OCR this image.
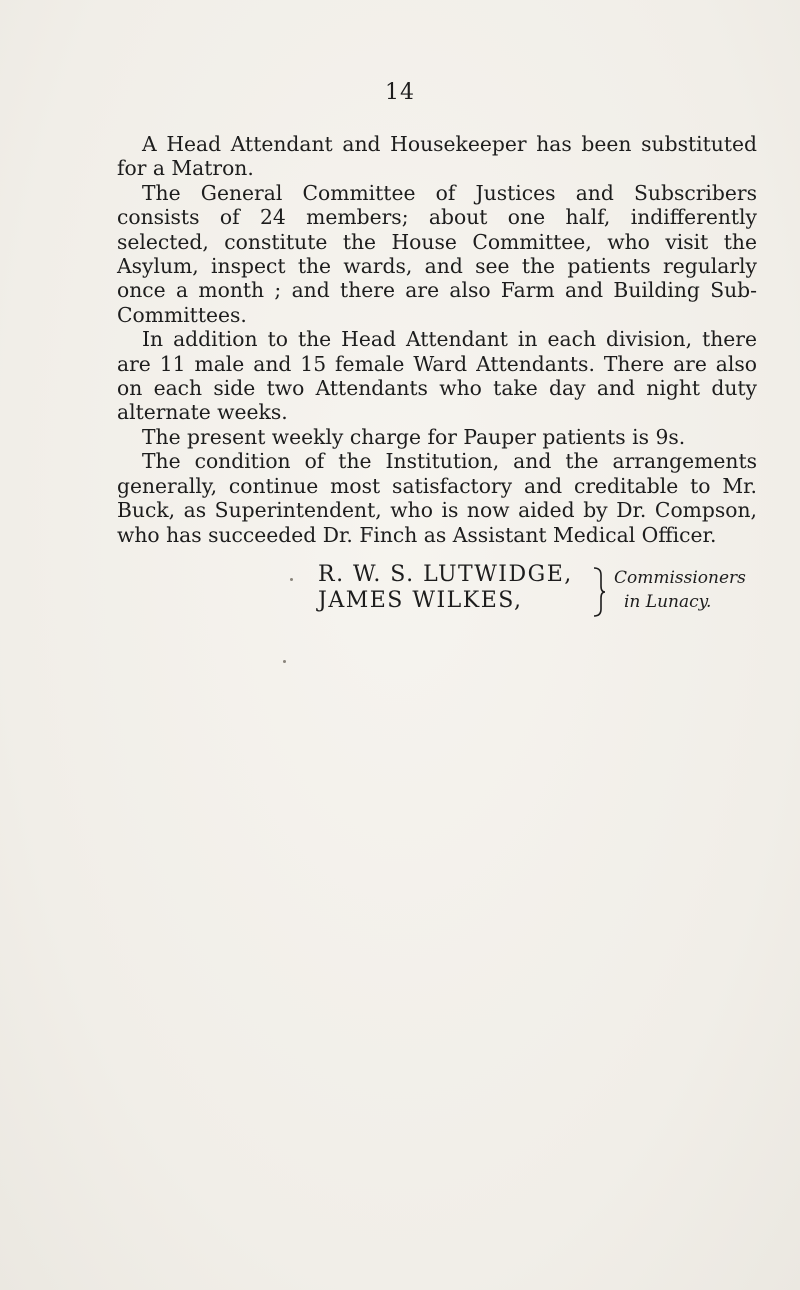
14

A Head Attendant and Housekeeper has been substituted for a Matron.

The General Committee of Justices and Subscribers consists of 24 members; about one half, indifferently selected, constitute the House Committee, who visit the Asylum, inspect the wards, and see the patients regularly once a month ; and there are also Farm and Building Sub-Committees.

In addition to the Head Attendant in each division, there are 11 male and 15 female Ward Attendants. There are also on each side two Attendants who take day and night duty alternate weeks.

The present weekly charge for Pauper patients is 9s.

The condition of the Institution, and the arrangements generally, continue most satisfactory and creditable to Mr. Buck, as Superintendent, who is now aided by Dr. Compson, who has succeeded Dr. Finch as Assistant Medical Officer.

R. W. S. LUTWIDGE,
JAMES WILKES,
Commissioners
in Lunacy.
